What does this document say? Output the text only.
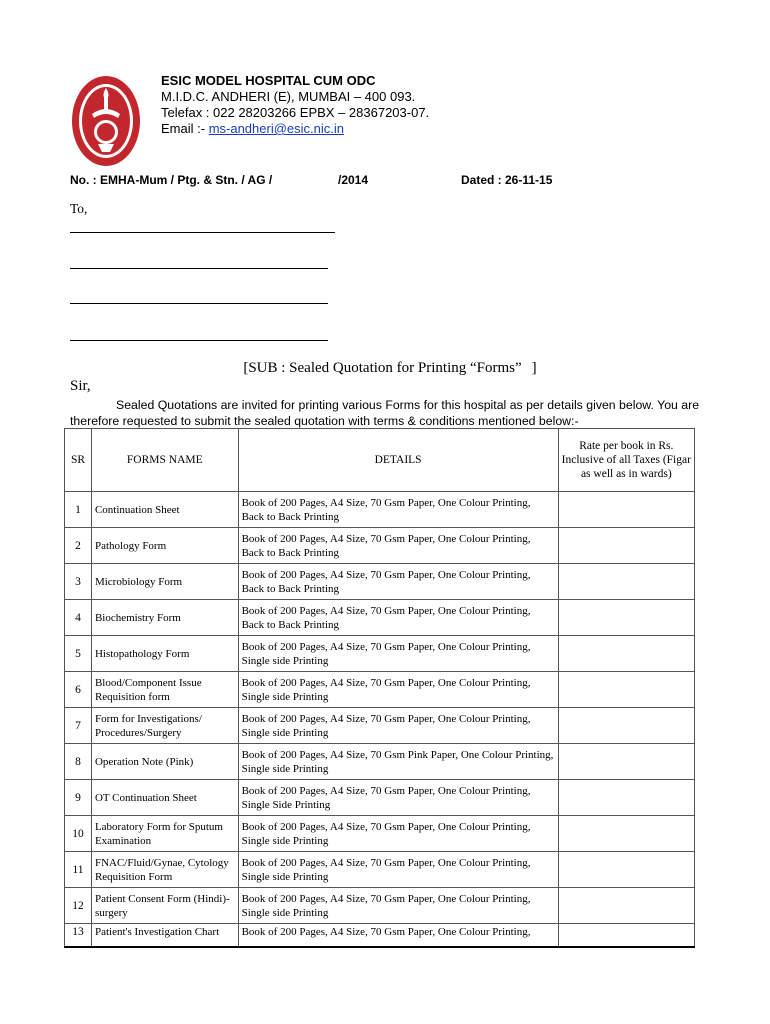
ESIC MODEL HOSPITAL CUM ODC
M.I.D.C. ANDHERI (E), MUMBAI – 400 093.
Telefax : 022 28203266 EPBX – 28367203-07.
Email :- ms-andheri@esic.nic.in
No. : EMHA-Mum / Ptg. & Stn. / AG /	/2014	Dated : 26-11-15
To,
[SUB : Sealed Quotation for Printing “Forms” ]
Sir,
Sealed Quotations are invited for printing various Forms for this hospital as per details given below. You are therefore requested to submit the sealed quotation with terms & conditions mentioned below:-
SR	FORMS NAME	DETAILS	Rate per book in Rs. Inclusive of all Taxes (Figar as well as in wards)
1	Continuation Sheet	Book of 200 Pages, A4 Size, 70 Gsm Paper, One Colour Printing, Back to Back Printing	
2	Pathology Form	Book of 200 Pages, A4 Size, 70 Gsm Paper, One Colour Printing, Back to Back Printing	
3	Microbiology Form	Book of 200 Pages, A4 Size, 70 Gsm Paper, One Colour Printing, Back to Back Printing	
4	Biochemistry Form	Book of 200 Pages, A4 Size, 70 Gsm Paper, One Colour Printing, Back to Back Printing	
5	Histopathology Form	Book of 200 Pages, A4 Size, 70 Gsm Paper, One Colour Printing, Single side Printing	
6	Blood/Component Issue Requisition form	Book of 200 Pages, A4 Size, 70 Gsm Paper, One Colour Printing, Single side Printing	
7	Form for Investigations/ Procedures/Surgery	Book of 200 Pages, A4 Size, 70 Gsm Paper, One Colour Printing, Single side Printing	
8	Operation Note (Pink)	Book of 200 Pages, A4 Size, 70 Gsm Pink Paper, One Colour Printing, Single side Printing	
9	OT Continuation Sheet	Book of 200 Pages, A4 Size, 70 Gsm Paper, One Colour Printing, Single Side Printing	
10	Laboratory Form for Sputum Examination	Book of 200 Pages, A4 Size, 70 Gsm Paper, One Colour Printing, Single side Printing	
11	FNAC/Fluid/Gynae, Cytology Requisition Form	Book of 200 Pages, A4 Size, 70 Gsm Paper, One Colour Printing, Single side Printing	
12	Patient Consent Form (Hindi)-surgery	Book of 200 Pages, A4 Size, 70 Gsm Paper, One Colour Printing, Single side Printing	
13	Patient's Investigation Chart	Book of 200 Pages, A4 Size, 70 Gsm Paper, One Colour Printing,	
